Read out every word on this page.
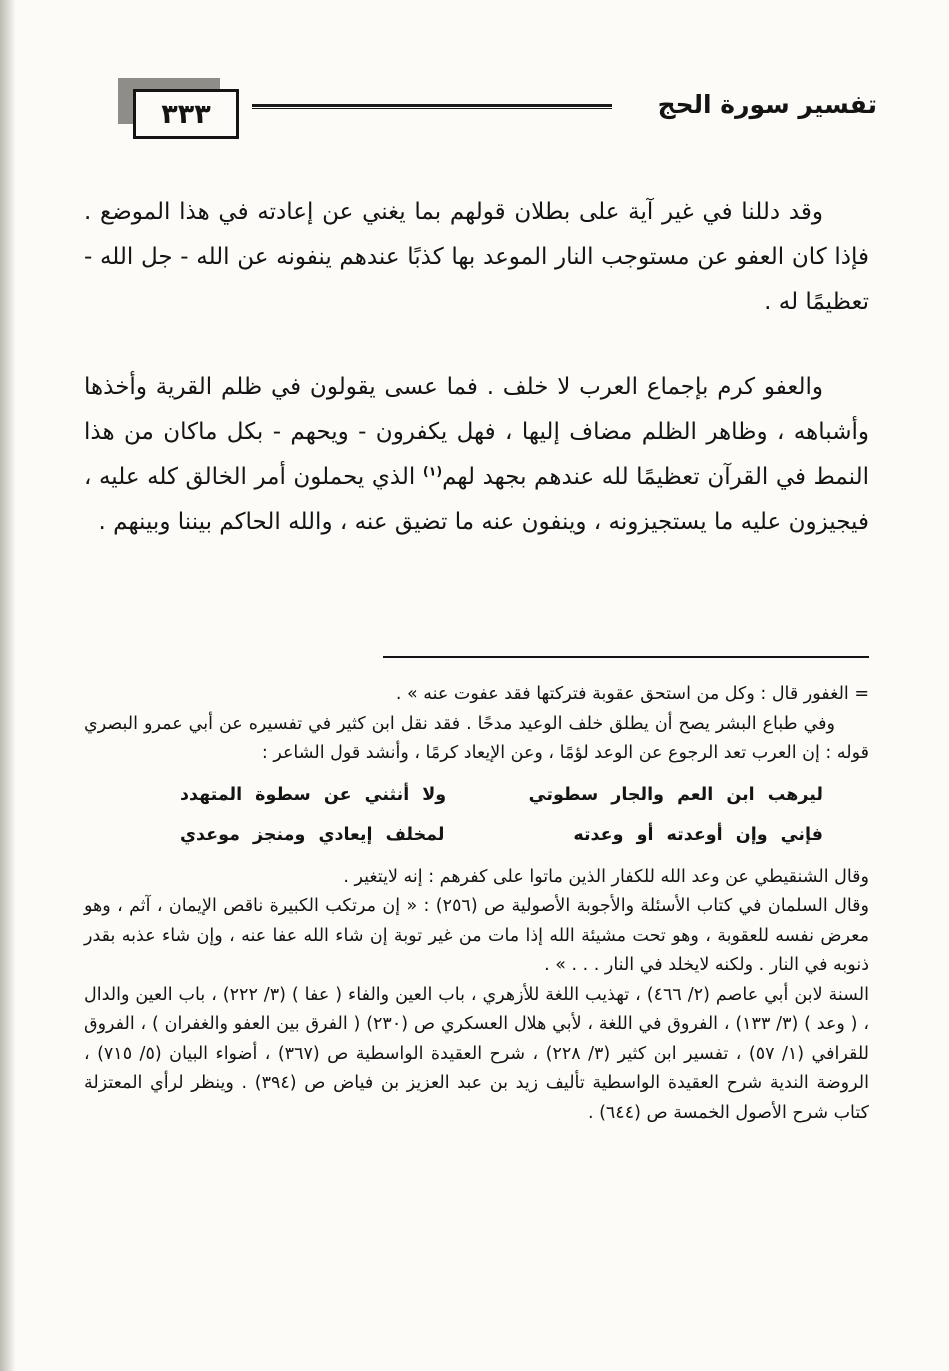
٣٣٣	تفسير سورة الحج

وقد دللنا في غير آية على بطلان قولهم بما يغني عن إعادته في هذا الموضع . فإذا كان العفو عن مستوجب النار الموعد بها كذبًا عندهم ينفونه عن الله - جل الله - تعظيمًا له .

والعفو كرم بإجماع العرب لا خلف . فما عسى يقولون في ظلم القرية وأخذها وأشباهه ، وظاهر الظلم مضاف إليها ، فهل يكفرون - ويحهم - بكل ماكان من هذا النمط في القرآن تعظيمًا لله عندهم بجهد لهم$^{(١)}$ الذي يحملون أمر الخالق كله عليه ، فيجيزون عليه ما يستجيزونه ، وينفون عنه ما تضيق عنه ، والله الحاكم بيننا وبينهم .

= الغفور قال : وكل من استحق عقوبة فتركتها فقد عفوت عنه » .

وفي طباع البشر يصح أن يطلق خلف الوعيد مدحًا . فقد نقل ابن كثير في تفسيره عن أبي عمرو البصري قوله : إن العرب تعد الرجوع عن الوعد لؤمًا ، وعن الإيعاد كرمًا ، وأنشد قول الشاعر :

ليرهب ابن العم والجار سطوتي
ولا أنثني عن سطوة المتهدد
فإني وإن أوعدته أو وعدته
لمخلف إيعادي ومنجز موعدي

وقال الشنقيطي عن وعد الله للكفار الذين ماتوا على كفرهم : إنه لايتغير .

وقال السلمان في كتاب الأسئلة والأجوبة الأصولية ص (٢٥٦) : « إن مرتكب الكبيرة ناقص الإيمان ، آثم ، وهو معرض نفسه للعقوبة ، وهو تحت مشيئة الله إذا مات من غير توبة إن شاء الله عفا عنه ، وإن شاء عذبه بقدر ذنوبه في النار . ولكنه لايخلد في النار . . . » .

السنة لابن أبي عاصم (٢/ ٤٦٦) ، تهذيب اللغة للأزهري ، باب العين والفاء ( عفا ) (٣/ ٢٢٢) ، باب العين والدال ، ( وعد ) (٣/ ١٣٣) ، الفروق في اللغة ، لأبي هلال العسكري ص (٢٣٠) ( الفرق بين العفو والغفران ) ، الفروق للقرافي (١/ ٥٧) ، تفسير ابن كثير (٣/ ٢٢٨) ، شرح العقيدة الواسطية ص (٣٦٧) ، أضواء البيان (٥/ ٧١٥) ، الروضة الندية شرح العقيدة الواسطية تأليف زيد بن عبد العزيز بن فياض ص (٣٩٤) . وينظر لرأي المعتزلة كتاب شرح الأصول الخمسة ص (٦٤٤) .
